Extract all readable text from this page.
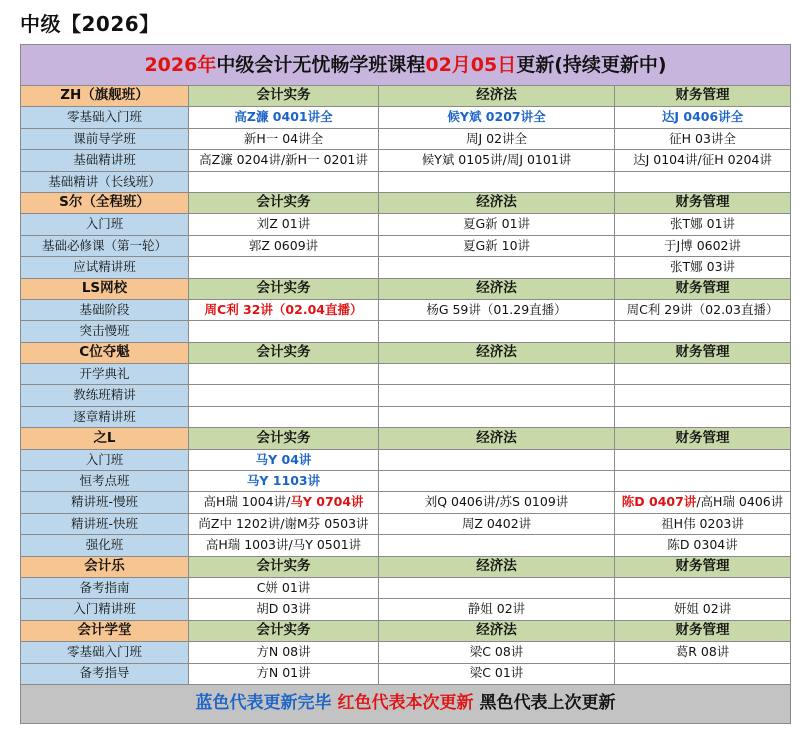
中级【2026】
2026年中级会计无忧畅学班课程02月05日更新(持续更新中)			
ZH（旗舰班）	会计实务	经济法	财务管理
零基础入门班	高Z濂 0401讲全	候Y斌 0207讲全	达J 0406讲全
课前导学班	新H一 04讲全	周J 02讲全	征H 03讲全
基础精讲班	高Z濂 0204讲/新H一 0201讲	候Y斌 0105讲/周J 0101讲	达J 0104讲/征H 0204讲
基础精讲（长线班）			
S尔（全程班）	会计实务	经济法	财务管理
入门班	刘Z 01讲	夏G新 01讲	张T娜 01讲
基础必修课（第一轮）	郭Z 0609讲	夏G新 10讲	于J博 0602讲
应试精讲班			张T娜 03讲
LS网校	会计实务	经济法	财务管理
基础阶段	周C利 32讲（02.04直播）	杨G 59讲（01.29直播）	周C利 29讲（02.03直播）
突击慢班			
C位夺魁	会计实务	经济法	财务管理
开学典礼			
教练班精讲			
逐章精讲班			
之L	会计实务	经济法	财务管理
入门班	马Y 04讲		
恒考点班	马Y 1103讲		
精讲班-慢班	高H瑞 1004讲/马Y 0704讲	刘Q 0406讲/苏S 0109讲	陈D 0407讲/高H瑞 0406讲
精讲班-快班	尚Z中 1202讲/谢M芬 0503讲	周Z 0402讲	祖H伟 0203讲
强化班	高H瑞 1003讲/马Y 0501讲		陈D 0304讲
会计乐	会计实务	经济法	财务管理
备考指南	C姘 01讲		
入门精讲班	胡D 03讲	静姐 02讲	妍姐 02讲
会计学堂	会计实务	经济法	财务管理
零基础入门班	方N 08讲	梁C 08讲	葛R 08讲
备考指导	方N 01讲	梁C 01讲	
蓝色代表更新完毕 红色代表本次更新 黑色代表上次更新			
